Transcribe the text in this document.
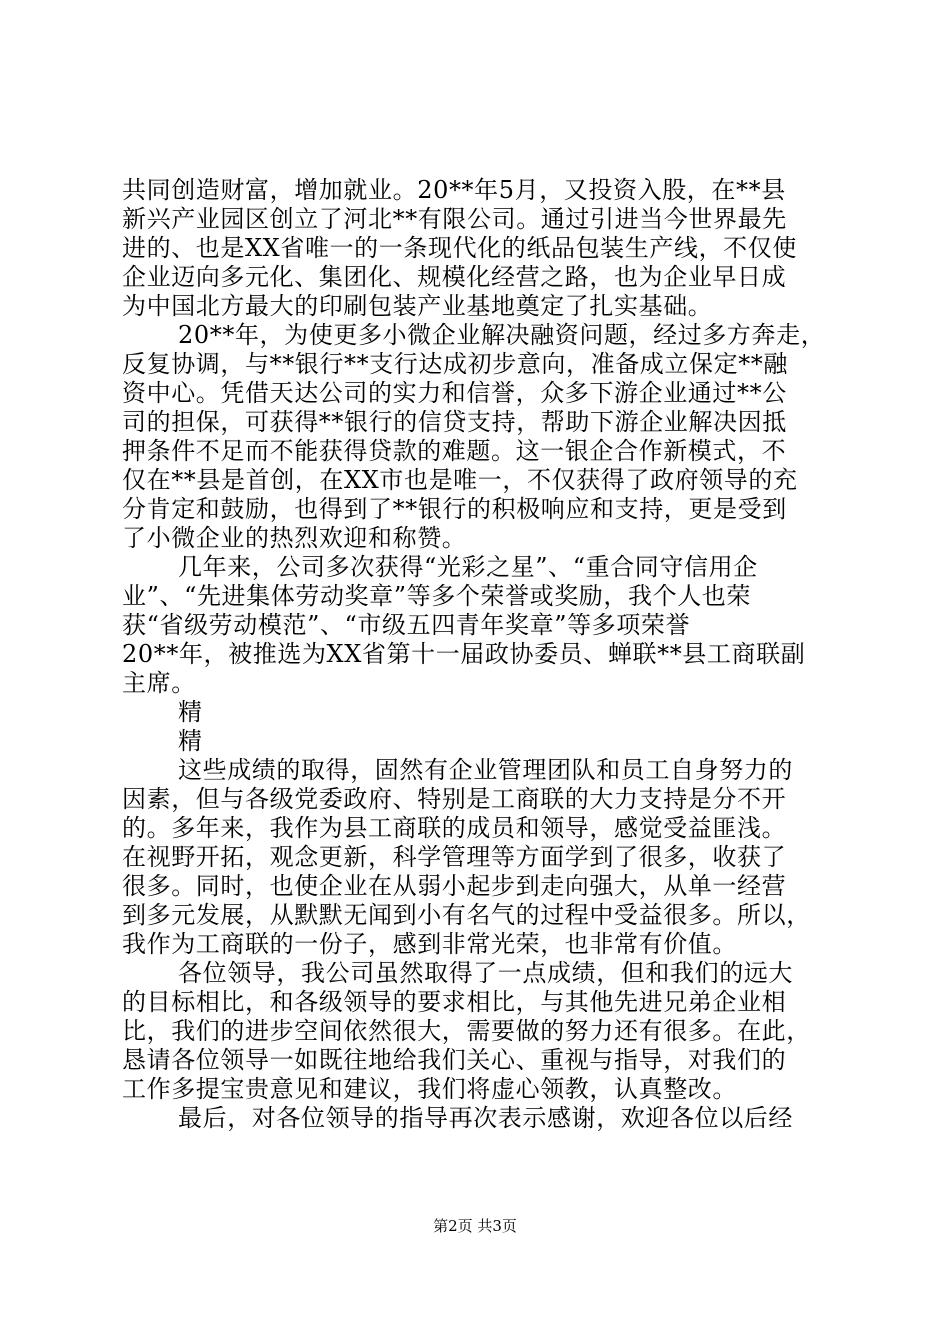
共同创造财富，增加就业。20**年5月，又投资入股，在**县
新兴产业园区创立了河北**有限公司。通过引进当今世界最先
进的、也是XX省唯一的一条现代化的纸品包装生产线，不仅使
企业迈向多元化、集团化、规模化经营之路，也为企业早日成
为中国北方最大的印刷包装产业基地奠定了扎实基础。
20**年，为使更多小微企业解决融资问题，经过多方奔走，
反复协调，与**银行**支行达成初步意向，准备成立保定**融
资中心。凭借天达公司的实力和信誉，众多下游企业通过**公
司的担保，可获得**银行的信贷支持，帮助下游企业解决因抵
押条件不足而不能获得贷款的难题。这一银企合作新模式，不
仅在**县是首创，在XX市也是唯一，不仅获得了政府领导的充
分肯定和鼓励，也得到了**银行的积极响应和支持，更是受到
了小微企业的热烈欢迎和称赞。
几年来，公司多次获得“光彩之星”、“重合同守信用企
业”、“先进集体劳动奖章”等多个荣誉或奖励，我个人也荣
获“省级劳动模范”、“市级五四青年奖章”等多项荣誉
20**年，被推选为XX省第十一届政协委员、蝉联**县工商联副
主席。
精
精
这些成绩的取得，固然有企业管理团队和员工自身努力的
因素，但与各级党委政府、特别是工商联的大力支持是分不开
的。多年来，我作为县工商联的成员和领导，感觉受益匪浅。
在视野开拓，观念更新，科学管理等方面学到了很多，收获了
很多。同时，也使企业在从弱小起步到走向强大，从单一经营
到多元发展，从默默无闻到小有名气的过程中受益很多。所以，
我作为工商联的一份子，感到非常光荣，也非常有价值。
各位领导，我公司虽然取得了一点成绩，但和我们的远大
的目标相比，和各级领导的要求相比，与其他先进兄弟企业相
比，我们的进步空间依然很大，需要做的努力还有很多。在此，
恳请各位领导一如既往地给我们关心、重视与指导，对我们的
工作多提宝贵意见和建议，我们将虚心领教，认真整改。
最后，对各位领导的指导再次表示感谢，欢迎各位以后经
第2页 共3页
